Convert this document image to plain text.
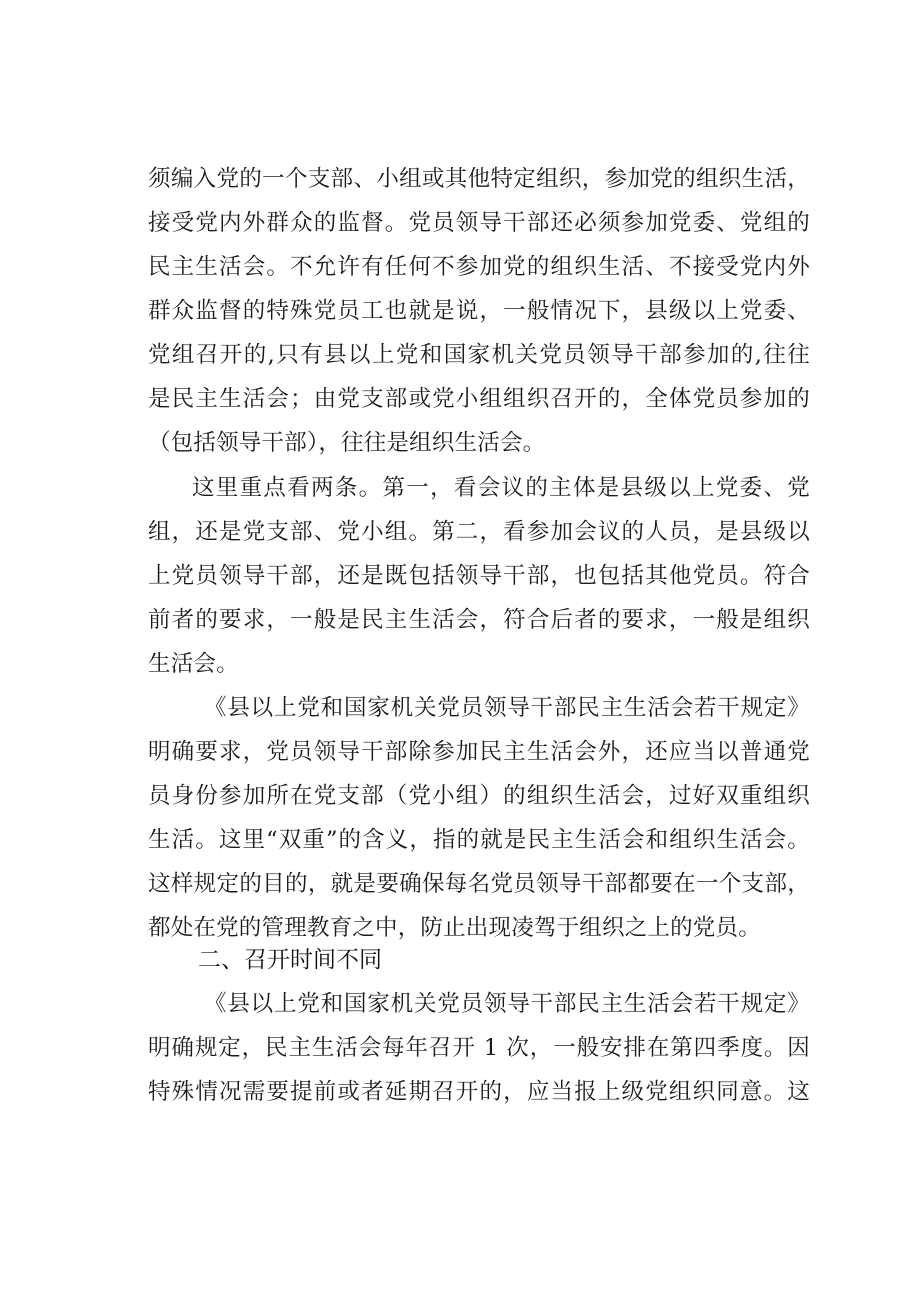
须编入党的一个支部、小组或其他特定组织，参加党的组织生活，
接受党内外群众的监督。党员领导干部还必须参加党委、党组的
民主生活会。不允许有任何不参加党的组织生活、不接受党内外
群众监督的特殊党员工也就是说，一般情况下，县级以上党委、
党组召开的,只有县以上党和国家机关党员领导干部参加的,往往
是民主生活会；由党支部或党小组组织召开的，全体党员参加的
（包括领导干部），往往是组织生活会。
这里重点看两条。第一，看会议的主体是县级以上党委、党
组，还是党支部、党小组。第二，看参加会议的人员，是县级以
上党员领导干部，还是既包括领导干部，也包括其他党员。符合
前者的要求，一般是民主生活会，符合后者的要求，一般是组织
生活会。
《县以上党和国家机关党员领导干部民主生活会若干规定》
明确要求，党员领导干部除参加民主生活会外，还应当以普通党
员身份参加所在党支部（党小组）的组织生活会，过好双重组织
生活。这里“双重”的含义，指的就是民主生活会和组织生活会。
这样规定的目的，就是要确保每名党员领导干部都要在一个支部，
都处在党的管理教育之中，防止出现凌驾于组织之上的党员。
二、召开时间不同
《县以上党和国家机关党员领导干部民主生活会若干规定》
明确规定，民主生活会每年召开 1 次，一般安排在第四季度。因
特殊情况需要提前或者延期召开的，应当报上级党组织同意。这
